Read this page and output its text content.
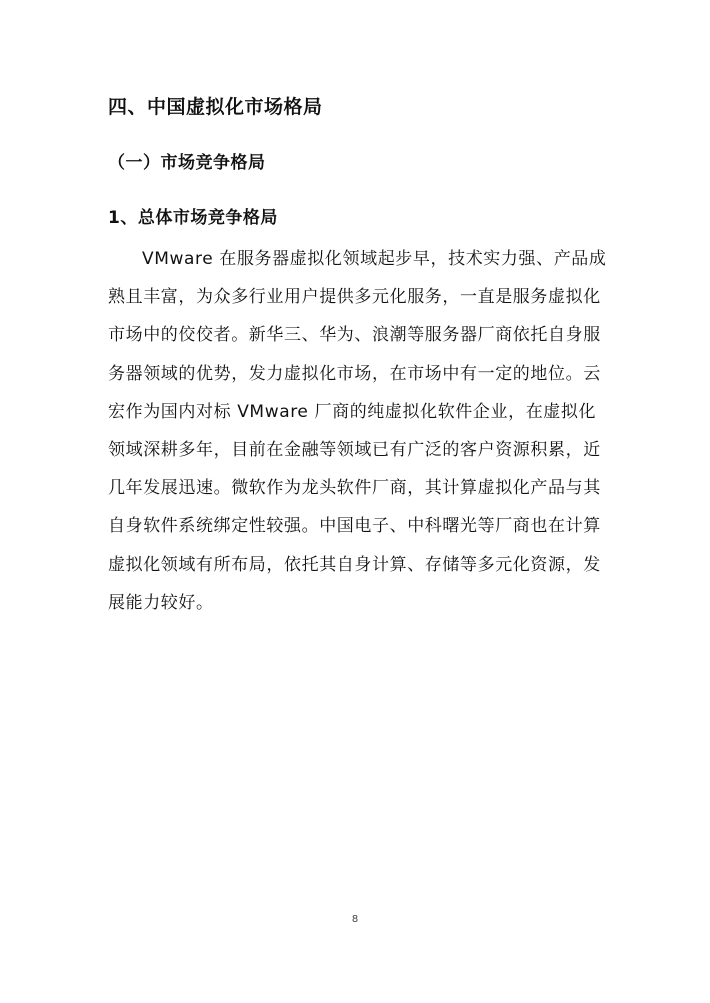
四、中国虚拟化市场格局
（一）市场竞争格局
1、总体市场竞争格局
VMware 在服务器虚拟化领域起步早，技术实力强、产品成
熟且丰富，为众多行业用户提供多元化服务，一直是服务虚拟化
市场中的佼佼者。新华三、华为、浪潮等服务器厂商依托自身服
务器领域的优势，发力虚拟化市场，在市场中有一定的地位。云
宏作为国内对标 VMware 厂商的纯虚拟化软件企业，在虚拟化
领域深耕多年，目前在金融等领域已有广泛的客户资源积累，近
几年发展迅速。微软作为龙头软件厂商，其计算虚拟化产品与其
自身软件系统绑定性较强。中国电子、中科曙光等厂商也在计算
虚拟化领域有所布局，依托其自身计算、存储等多元化资源，发
展能力较好。
8
